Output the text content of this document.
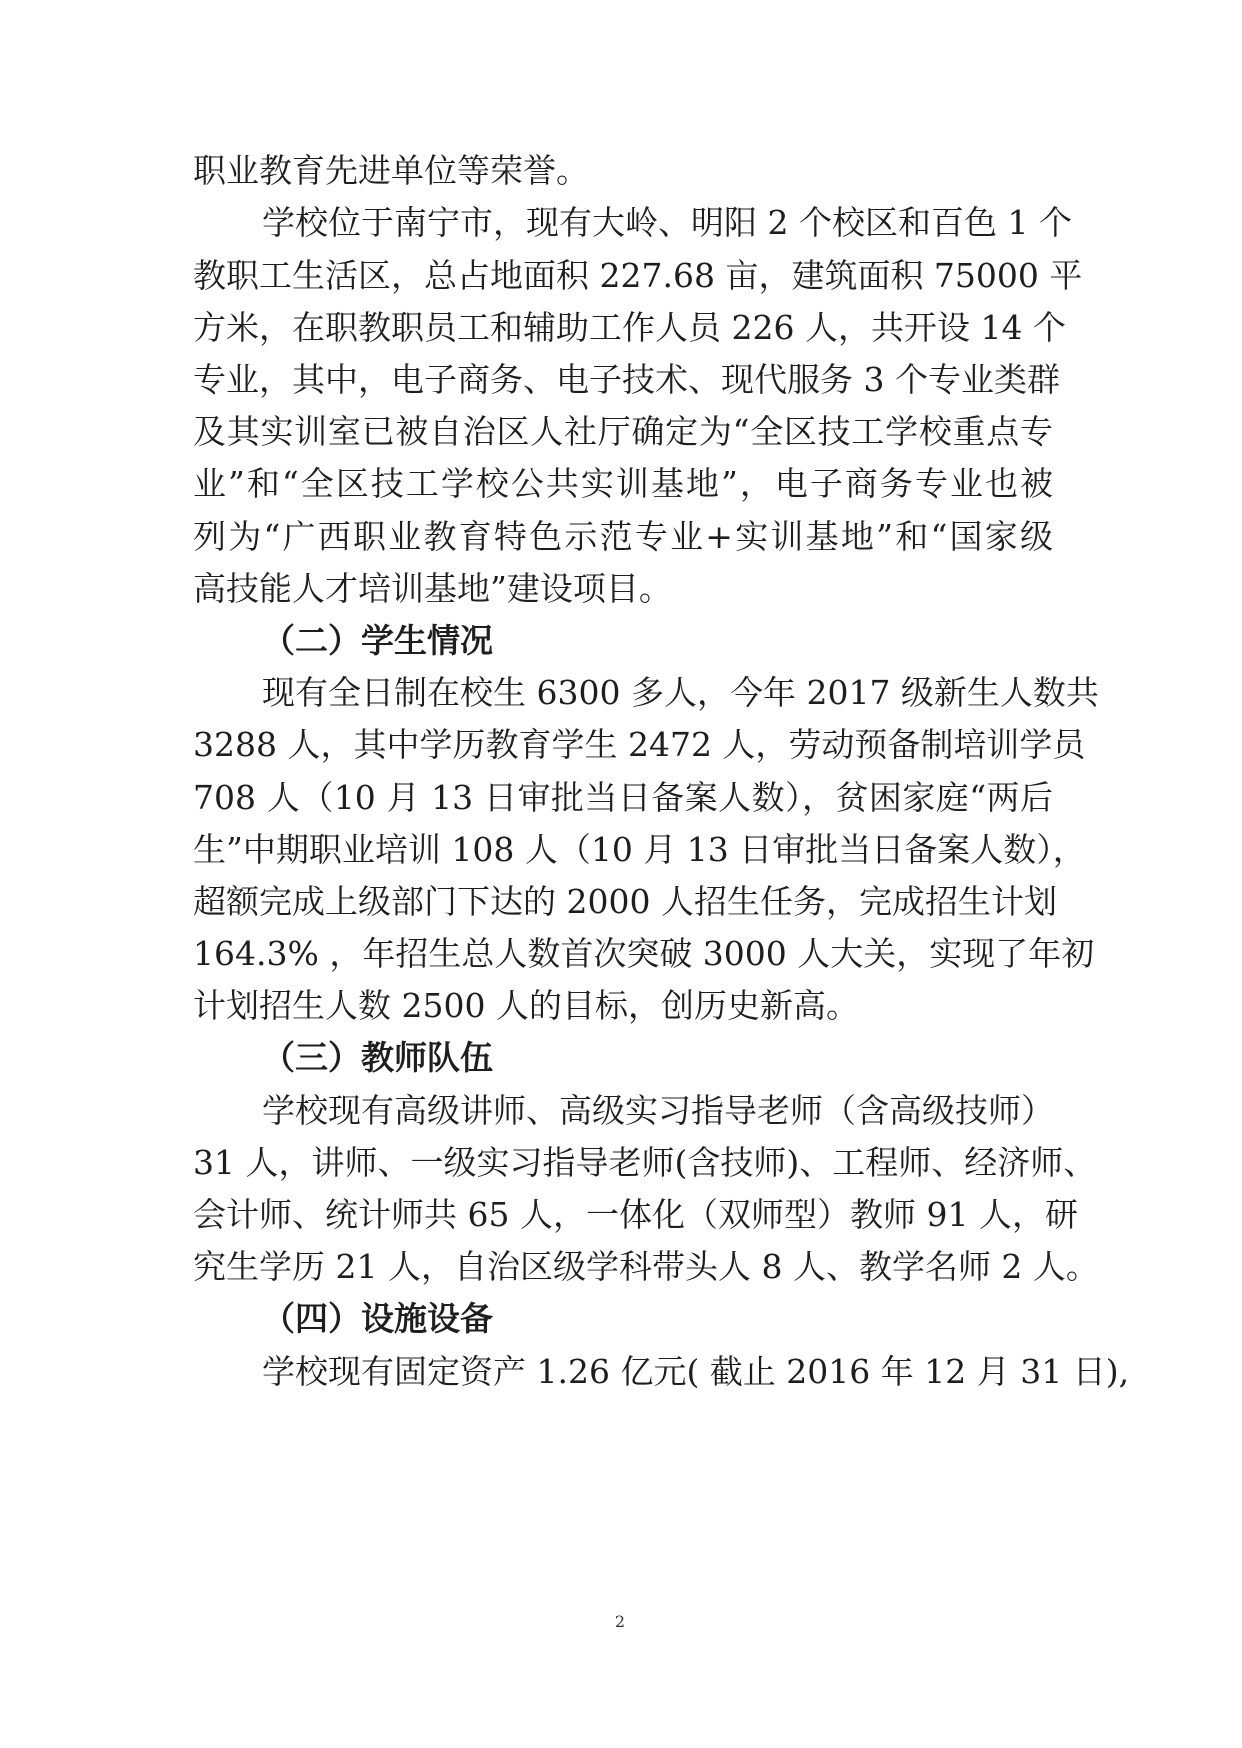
职业教育先进单位等荣誉。
学校位于南宁市，现有大岭、明阳 2 个校区和百色 1 个
教职工生活区，总占地面积 227.68 亩，建筑面积 75000 平
方米，在职教职员工和辅助工作人员 226 人，共开设 14 个
专业，其中，电子商务、电子技术、现代服务 3 个专业类群
及其实训室已被自治区人社厅确定为“全区技工学校重点专
业”和“全区技工学校公共实训基地”，电子商务专业也被
列为“广西职业教育特色示范专业+实训基地”和“国家级
高技能人才培训基地”建设项目。
（二）学生情况
现有全日制在校生 6300 多人，今年 2017 级新生人数共
3288 人，其中学历教育学生 2472 人，劳动预备制培训学员
708 人（10 月 13 日审批当日备案人数），贫困家庭“两后
生”中期职业培训 108 人（10 月 13 日审批当日备案人数），
超额完成上级部门下达的 2000 人招生任务，完成招生计划
164.3% ，年招生总人数首次突破 3000 人大关，实现了年初
计划招生人数 2500 人的目标，创历史新高。
（三）教师队伍
学校现有高级讲师、高级实习指导老师（含高级技师）
31 人，讲师、一级实习指导老师(含技师)、工程师、经济师、
会计师、统计师共 65 人，一体化（双师型）教师 91 人，研
究生学历 21 人，自治区级学科带头人 8 人、教学名师 2 人。
（四）设施设备
学校现有固定资产 1.26 亿元( 截止 2016 年 12 月 31 日),
2
